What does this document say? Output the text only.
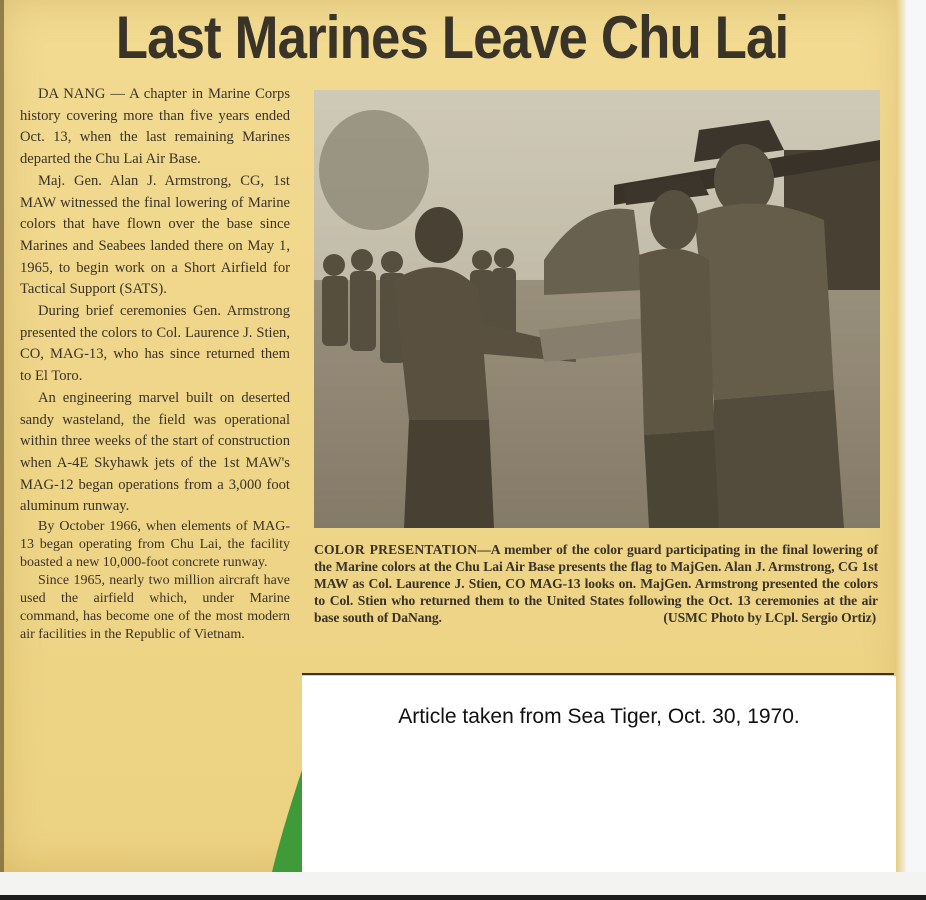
Last Marines Leave Chu Lai

DA NANG — A chapter in Marine Corps history covering more than five years ended Oct. 13, when the last remaining Marines departed the Chu Lai Air Base.

Maj. Gen. Alan J. Armstrong, CG, 1st MAW witnessed the final lowering of Marine colors that have flown over the base since Marines and Seabees landed there on May 1, 1965, to begin work on a Short Airfield for Tactical Support (SATS).

During brief ceremonies Gen. Armstrong presented the colors to Col. Laurence J. Stien, CO, MAG-13, who has since returned them to El Toro.

An engineering marvel built on deserted sandy wasteland, the field was operational within three weeks of the start of construction when A-4E Skyhawk jets of the 1st MAW's MAG-12 began operations from a 3,000 foot aluminum runway.

By October 1966, when elements of MAG-13 began operating from Chu Lai, the facility boasted a new 10,000-foot concrete runway.

Since 1965, nearly two million aircraft have used the airfield which, under Marine command, has become one of the most modern air facilities in the Republic of Vietnam.

COLOR PRESENTATION—A member of the color guard participating in the final lowering of the Marine colors at the Chu Lai Air Base presents the flag to MajGen. Alan J. Armstrong, CG 1st MAW as Col. Laurence J. Stien, CO MAG-13 looks on. MajGen. Armstrong presented the colors to Col. Stien who returned them to the United States following the Oct. 13 ceremonies at the air base south of DaNang.	(USMC Photo by LCpl. Sergio Ortiz)

Article taken from Sea Tiger, Oct. 30, 1970.
